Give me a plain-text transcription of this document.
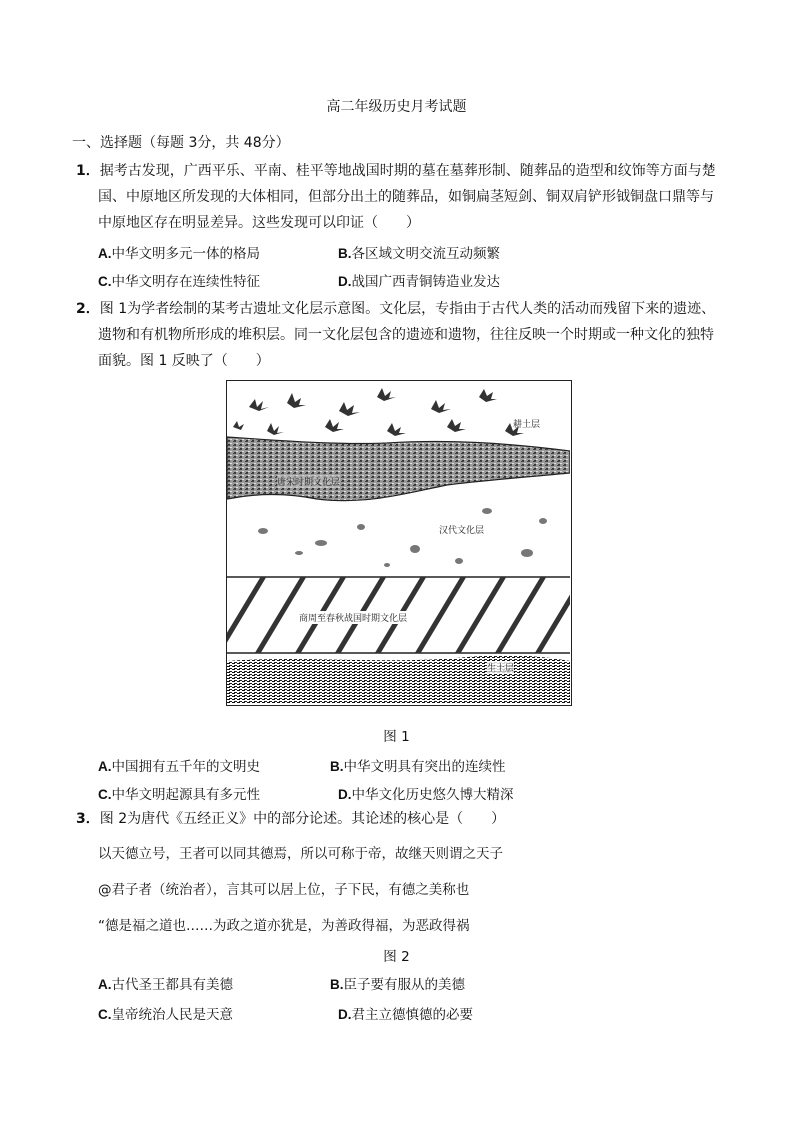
高二年级历史月考试题
一、选择题（每题 3分，共 48分）
1．据考古发现，广西平乐、平南、桂平等地战国时期的墓在墓葬形制、随葬品的造型和纹饰等方面与楚
国、中原地区所发现的大体相同，但部分出土的随葬品，如铜扁茎短剑、铜双肩铲形钺铜盘口鼎等与
中原地区存在明显差异。这些发现可以印证（　　）
A.中华文明多元一体的格局	B.各区域文明交流互动频繁
C.中华文明存在连续性特征	D.战国广西青铜铸造业发达
2．图 1为学者绘制的某考古遗址文化层示意图。文化层，专指由于古代人类的活动而残留下来的遗迹、
遗物和有机物所形成的堆积层。同一文化层包含的遗迹和遗物，往往反映一个时期或一种文化的独特
面貌。图 1 反映了（　　）
耕土层
唐宋时期文化层
汉代文化层
商周至春秋战国时期文化层
生土层
图 1
A.中国拥有五千年的文明史	B.中华文明具有突出的连续性
C.中华文明起源具有多元性	D.中华文化历史悠久博大精深
3．图 2为唐代《五经正义》中的部分论述。其论述的核心是（　　）
以天德立号，王者可以同其德焉，所以可称于帝，故继天则谓之天子
@君子者（统治者），言其可以居上位，子下民，有德之美称也
“德是福之道也……为政之道亦犹是，为善政得福，为恶政得祸
图 2
A.古代圣王都具有美德	B.臣子要有服从的美德
C.皇帝统治人民是天意	D.君主立德慎德的必要
